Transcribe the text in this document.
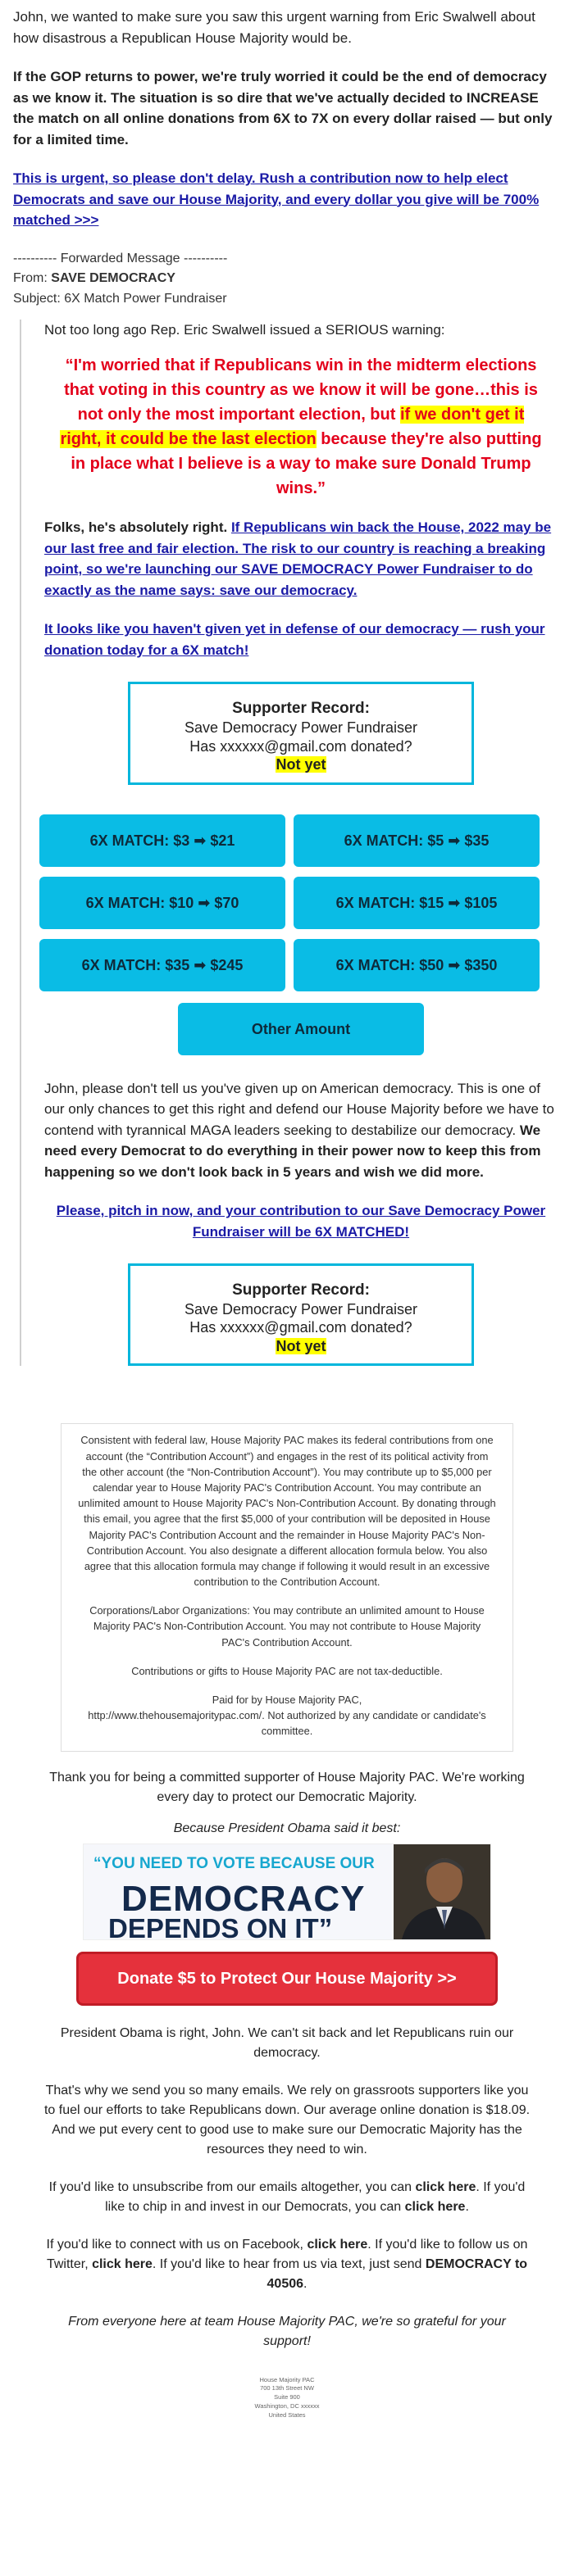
John, we wanted to make sure you saw this urgent warning from Eric Swalwell about how disastrous a Republican House Majority would be.

If the GOP returns to power, we're truly worried it could be the end of democracy as we know it. The situation is so dire that we've actually decided to INCREASE the match on all online donations from 6X to 7X on every dollar raised — but only for a limited time.

This is urgent, so please don't delay. Rush a contribution now to help elect Democrats and save our House Majority, and every dollar you give will be 700% matched >>>

---------- Forwarded Message ----------
From: SAVE DEMOCRACY
Subject: 6X Match Power Fundraiser

Not too long ago Rep. Eric Swalwell issued a SERIOUS warning:

“I'm worried that if Republicans win in the midterm elections that voting in this country as we know it will be gone…this is not only the most important election, but if we don't get it right, it could be the last election because they're also putting in place what I believe is a way to make sure Donald Trump wins.”

Folks, he's absolutely right. If Republicans win back the House, 2022 may be our last free and fair election. The risk to our country is reaching a breaking point, so we're launching our SAVE DEMOCRACY Power Fundraiser to do exactly as the name says: save our democracy.

It looks like you haven't given yet in defense of our democracy — rush your donation today for a 6X match!

Supporter Record:
Save Democracy Power Fundraiser
Has xxxxxx@gmail.com donated?
Not yet
6X MATCH: $3 ➡ $21	6X MATCH: $5 ➡ $35
6X MATCH: $10 ➡ $70	6X MATCH: $15 ➡ $105
6X MATCH: $35 ➡ $245	6X MATCH: $50 ➡ $350
Other Amount

John, please don't tell us you've given up on American democracy. This is one of our only chances to get this right and defend our House Majority before we have to contend with tyrannical MAGA leaders seeking to destabilize our democracy. We need every Democrat to do everything in their power now to keep this from happening so we don't look back in 5 years and wish we did more.

Please, pitch in now, and your contribution to our Save Democracy Power Fundraiser will be 6X MATCHED!

Supporter Record:
Save Democracy Power Fundraiser
Has xxxxxx@gmail.com donated?
Not yet

Consistent with federal law, House Majority PAC makes its federal contributions from one account (the “Contribution Account”) and engages in the rest of its political activity from the other account (the “Non-Contribution Account”). You may contribute up to $5,000 per calendar year to House Majority PAC's Contribution Account. You may contribute an unlimited amount to House Majority PAC's Non-Contribution Account. By donating through this email, you agree that the first $5,000 of your contribution will be deposited in House Majority PAC's Contribution Account and the remainder in House Majority PAC's Non-Contribution Account. You also designate a different allocation formula below. You also agree that this allocation formula may change if following it would result in an excessive contribution to the Contribution Account.

Corporations/Labor Organizations: You may contribute an unlimited amount to House Majority PAC's Non-Contribution Account. You may not contribute to House Majority PAC's Contribution Account.

Contributions or gifts to House Majority PAC are not tax-deductible.

Paid for by House Majority PAC,
http://www.thehousemajoritypac.com/. Not authorized by any candidate or candidate's committee.

Thank you for being a committed supporter of House Majority PAC. We're working every day to protect our Democratic Majority.

Because President Obama said it best:

“YOU NEED TO VOTE BECAUSE OUR
DEMOCRACY
DEPENDS ON IT”
Donate $5 to Protect Our House Majority >>

President Obama is right, John. We can't sit back and let Republicans ruin our democracy.

That's why we send you so many emails. We rely on grassroots supporters like you to fuel our efforts to take Republicans down. Our average online donation is $18.09. And we put every cent to good use to make sure our Democratic Majority has the resources they need to win.

If you'd like to unsubscribe from our emails altogether, you can click here. If you'd like to chip in and invest in our Democrats, you can click here.

If you'd like to connect with us on Facebook, click here. If you'd like to follow us on Twitter, click here. If you'd like to hear from us via text, just send DEMOCRACY to 40506.

From everyone here at team House Majority PAC, we're so grateful for your support!

House Majority PAC
700 13th Street NW
Suite 900
Washington, DC xxxxxx
United States
